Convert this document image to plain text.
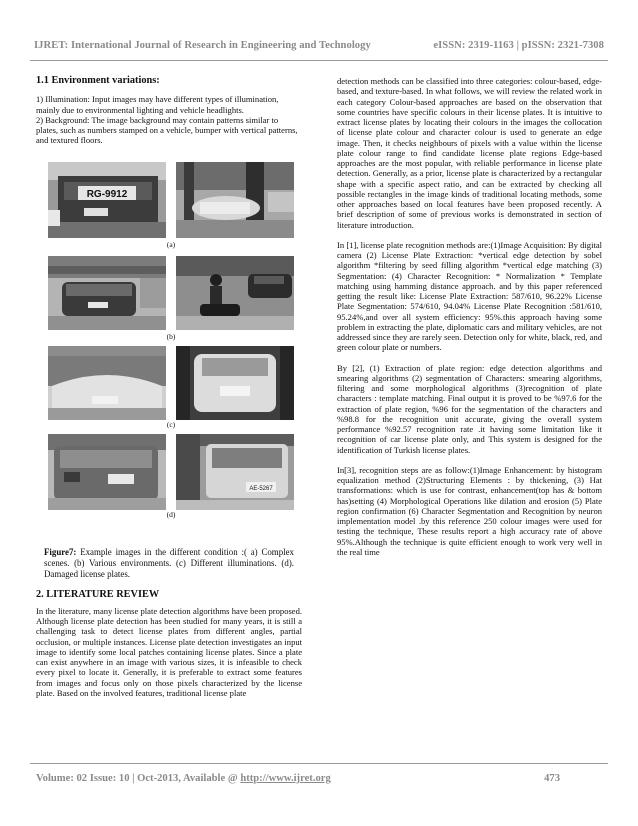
IJRET: International Journal of Research in Engineering and Technology	eISSN: 2319-1163 | pISSN: 2321-7308
1.1 Environment variations:

1) Illumination: Input images may have different types of illumination, mainly due to environmental lighting and vehicle headlights.

2) Background: The image background may contain patterns similar to plates, such as numbers stamped on a vehicle, bumper with vertical patterns, and textured floors.

RG-9912
(a)
(b)
(c)
AE-5267
(d)

Figure7: Example images in the different condition :( a) Complex scenes. (b) Various environments. (c) Different illuminations. (d). Damaged license plates.

2. LITERATURE REVIEW

In the literature, many license plate detection algorithms have been proposed. Although license plate detection has been studied for many years, it is still a challenging task to detect license plates from different angles, partial occlusion, or multiple instances. License plate detection investigates an input image to identify some local patches containing license plates. Since a plate can exist anywhere in an image with various sizes, it is infeasible to check every pixel to locate it. Generally, it is preferable to extract some features from images and focus only on those pixels characterized by the license plate. Based on the involved features, traditional license plate

detection methods can be classified into three categories: colour-based, edge-based, and texture-based. In what follows, we will review the related work in each category Colour-based approaches are based on the observation that some countries have specific colours in their license plates. It is intuitive to extract license plates by locating their colours in the images the collocation of license plate colour and character colour is used to generate an edge image. Then, it checks neighbours of pixels with a value within the license plate colour range to find candidate license plate regions Edge-based approaches are the most popular, with reliable performance in license plate detection. Generally, as a prior, license plate is characterized by a rectangular shape with a specific aspect ratio, and can be extracted by checking all possible rectangles in the image kinds of traditional locating methods, some other approaches based on local features have been proposed recently. A brief description of some of previous works is demonstrated in section of literature introduction.

In [1], license plate recognition methods are:(1)Image Acquisition: By digital camera (2) License Plate Extraction: *vertical edge detection by sobel algorithm *filtering by seed filling algorithm *vertical edge matching (3) Segmentation: (4) Character Recognition: * Normalization * Template matching using hamming distance approach. and by this paper referenced getting the result like: License Plate Extraction: 587/610, 96.22% License Plate Segmentation: 574/610, 94.04% License Plate Recognition :581/610, 95.24%,and over all system efficiency: 95%.this approach having some problem in extracting the plate, diplomatic cars and military vehicles, are not addressed since they are rarely seen. Detection only for white, black, red, and green colour plate or numbers.

By [2], (1) Extraction of plate region: edge detection algorithms and smearing algorithms (2) segmentation of Characters: smearing algorithms, filtering and some morphological algorithms (3)recognition of plate characters : template matching. Final output it is proved to be %97.6 for the extraction of plate region, %96 for the segmentation of the characters and %98.8 for the recognition unit accurate, giving the overall system performance %92.57 recognition rate .it having some limitation like it recognition of car license plate only, and This system is designed for the identification of Turkish license plates.

In[3], recognition steps are as follow:(1)Image Enhancement: by histogram equalization method (2)Structuring Elements : by thickening, (3) Hat transformations: which is use for contrast, enhancement(top has & bottom has)setting (4) Morphological Operations like dilation and erosion (5) Plate region confirmation (6) Character Segmentation and Recognition by neuron implementation model .by this reference 250 colour images were used for testing the technique, These results report a high accuracy rate of above 95%.Although the technique is quite efficient enough to work very well in the real time

Volume: 02 Issue: 10 | Oct-2013, Available @ http://www.ijret.org	473
